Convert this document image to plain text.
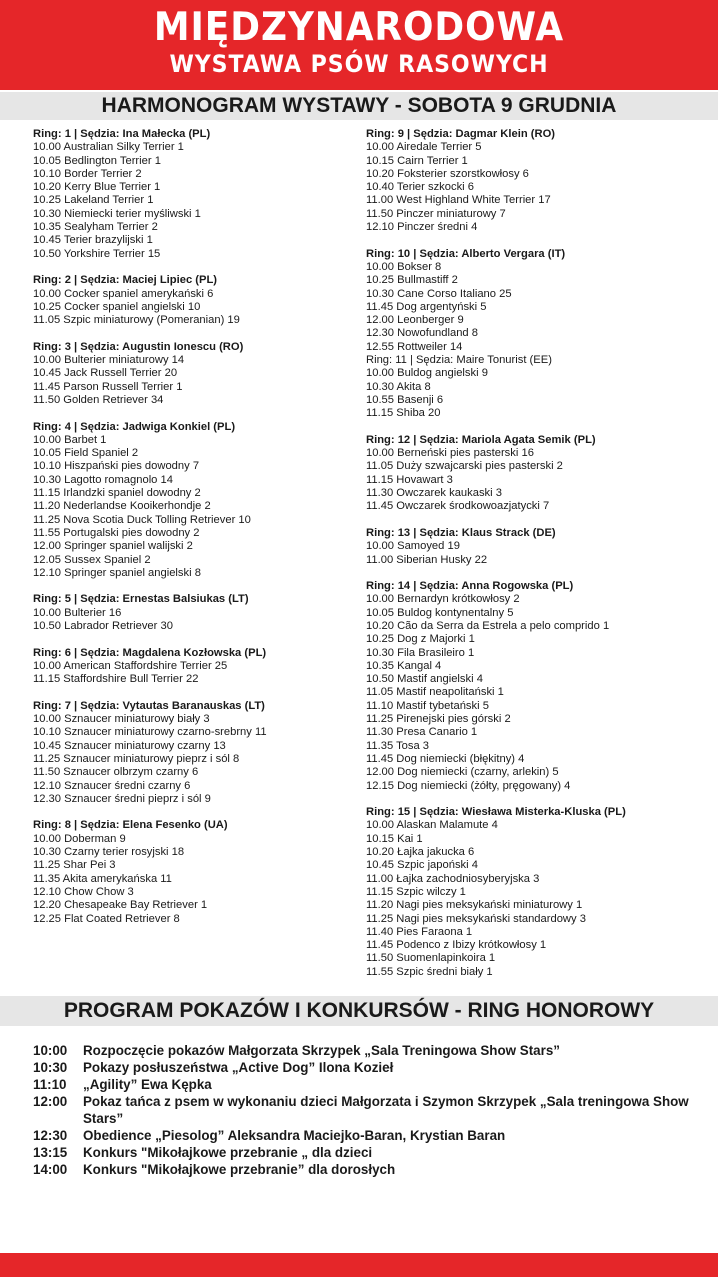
MIĘDZYNARODOWA
WYSTAWA PSÓW RASOWYCH
HARMONOGRAM WYSTAWY - SOBOTA 9 GRUDNIA
Ring: 1 | Sędzia: Ina Małecka (PL)
10.00 Australian Silky Terrier 1
10.05 Bedlington Terrier 1
10.10 Border Terrier 2
10.20 Kerry Blue Terrier 1
10.25 Lakeland Terrier 1
10.30 Niemiecki terier myśliwski 1
10.35 Sealyham Terrier 2
10.45 Terier brazylijski 1
10.50 Yorkshire Terrier 15
Ring: 2 | Sędzia: Maciej Lipiec (PL)
10.00 Cocker spaniel amerykański 6
10.25 Cocker spaniel angielski 10
11.05 Szpic miniaturowy (Pomeranian) 19
Ring: 3 | Sędzia: Augustin Ionescu (RO)
10.00 Bulterier miniaturowy 14
10.45 Jack Russell Terrier 20
11.45 Parson Russell Terrier 1
11.50 Golden Retriever 34
Ring: 4 | Sędzia: Jadwiga Konkiel (PL)
10.00 Barbet 1
10.05 Field Spaniel 2
10.10 Hiszpański pies dowodny 7
10.30 Lagotto romagnolo 14
11.15 Irlandzki spaniel dowodny 2
11.20 Nederlandse Kooikerhondje 2
11.25 Nova Scotia Duck Tolling Retriever 10
11.55 Portugalski pies dowodny 2
12.00 Springer spaniel walijski 2
12.05 Sussex Spaniel 2
12.10 Springer spaniel angielski 8
Ring: 5 | Sędzia: Ernestas Balsiukas (LT)
10.00 Bulterier 16
10.50 Labrador Retriever 30
Ring: 6 | Sędzia: Magdalena Kozłowska (PL)
10.00 American Staffordshire Terrier 25
11.15 Staffordshire Bull Terrier 22
Ring: 7 | Sędzia: Vytautas Baranauskas (LT)
10.00 Sznaucer miniaturowy biały 3
10.10 Sznaucer miniaturowy czarno-srebrny 11
10.45 Sznaucer miniaturowy czarny 13
11.25 Sznaucer miniaturowy pieprz i sól 8
11.50 Sznaucer olbrzym czarny 6
12.10 Sznaucer średni czarny 6
12.30 Sznaucer średni pieprz i sól 9
Ring: 8 | Sędzia: Elena Fesenko (UA)
10.00 Doberman 9
10.30 Czarny terier rosyjski 18
11.25 Shar Pei 3
11.35 Akita amerykańska 11
12.10 Chow Chow 3
12.20 Chesapeake Bay Retriever 1
12.25 Flat Coated Retriever 8
Ring: 9 | Sędzia: Dagmar Klein (RO)
10.00 Airedale Terrier 5
10.15 Cairn Terrier 1
10.20 Foksterier szorstkowłosy 6
10.40 Terier szkocki 6
11.00 West Highland White Terrier 17
11.50 Pinczer miniaturowy 7
12.10 Pinczer średni 4
Ring: 10 | Sędzia: Alberto Vergara (IT)
10.00 Bokser 8
10.25 Bullmastiff 2
10.30 Cane Corso Italiano 25
11.45 Dog argentyński 5
12.00 Leonberger 9
12.30 Nowofundland 8
12.55 Rottweiler 14
Ring: 11 | Sędzia: Maire Tonurist (EE)
10.00 Buldog angielski 9
10.30 Akita 8
10.55 Basenji 6
11.15 Shiba 20
Ring: 12 | Sędzia: Mariola Agata Semik (PL)
10.00 Berneński pies pasterski 16
11.05 Duży szwajcarski pies pasterski 2
11.15 Hovawart 3
11.30 Owczarek kaukaski 3
11.45 Owczarek środkowoazjatycki 7
Ring: 13 | Sędzia: Klaus Strack (DE)
10.00 Samoyed 19
11.00 Siberian Husky 22
Ring: 14 | Sędzia: Anna Rogowska (PL)
10.00 Bernardyn krótkowłosy 2
10.05 Buldog kontynentalny 5
10.20 Cão da Serra da Estrela a pelo comprido 1
10.25 Dog z Majorki 1
10.30 Fila Brasileiro 1
10.35 Kangal 4
10.50 Mastif angielski 4
11.05 Mastif neapolitański 1
11.10 Mastif tybetański 5
11.25 Pirenejski pies górski 2
11.30 Presa Canario 1
11.35 Tosa 3
11.45 Dog niemiecki (błękitny) 4
12.00 Dog niemiecki (czarny, arlekin) 5
12.15 Dog niemiecki (żółty, pręgowany) 4
Ring: 15 | Sędzia: Wiesława Misterka-Kluska (PL)
10.00 Alaskan Malamute 4
10.15 Kai 1
10.20 Łajka jakucka 6
10.45 Szpic japoński 4
11.00 Łajka zachodniosyberyjska 3
11.15 Szpic wilczy 1
11.20 Nagi pies meksykański miniaturowy 1
11.25 Nagi pies meksykański standardowy 3
11.40 Pies Faraona 1
11.45 Podenco z Ibizy krótkowłosy 1
11.50 Suomenlapinkoira 1
11.55 Szpic średni biały 1
PROGRAM POKAZÓW I KONKURSÓW - RING HONOROWY
10:00	Rozpoczęcie pokazów Małgorzata Skrzypek „Sala Treningowa Show Stars”
10:30	Pokazy posłuszeństwa „Active Dog” Ilona Kozieł
11:10	„Agility” Ewa Kępka
12:00	Pokaz tańca z psem w wykonaniu dzieci Małgorzata i Szymon Skrzypek „Sala treningowa Show Stars”
12:30	Obedience „Piesolog” Aleksandra Maciejko-Baran, Krystian Baran
13:15	Konkurs "Mikołajkowe przebranie „ dla dzieci
14:00	Konkurs "Mikołajkowe przebranie” dla dorosłych
